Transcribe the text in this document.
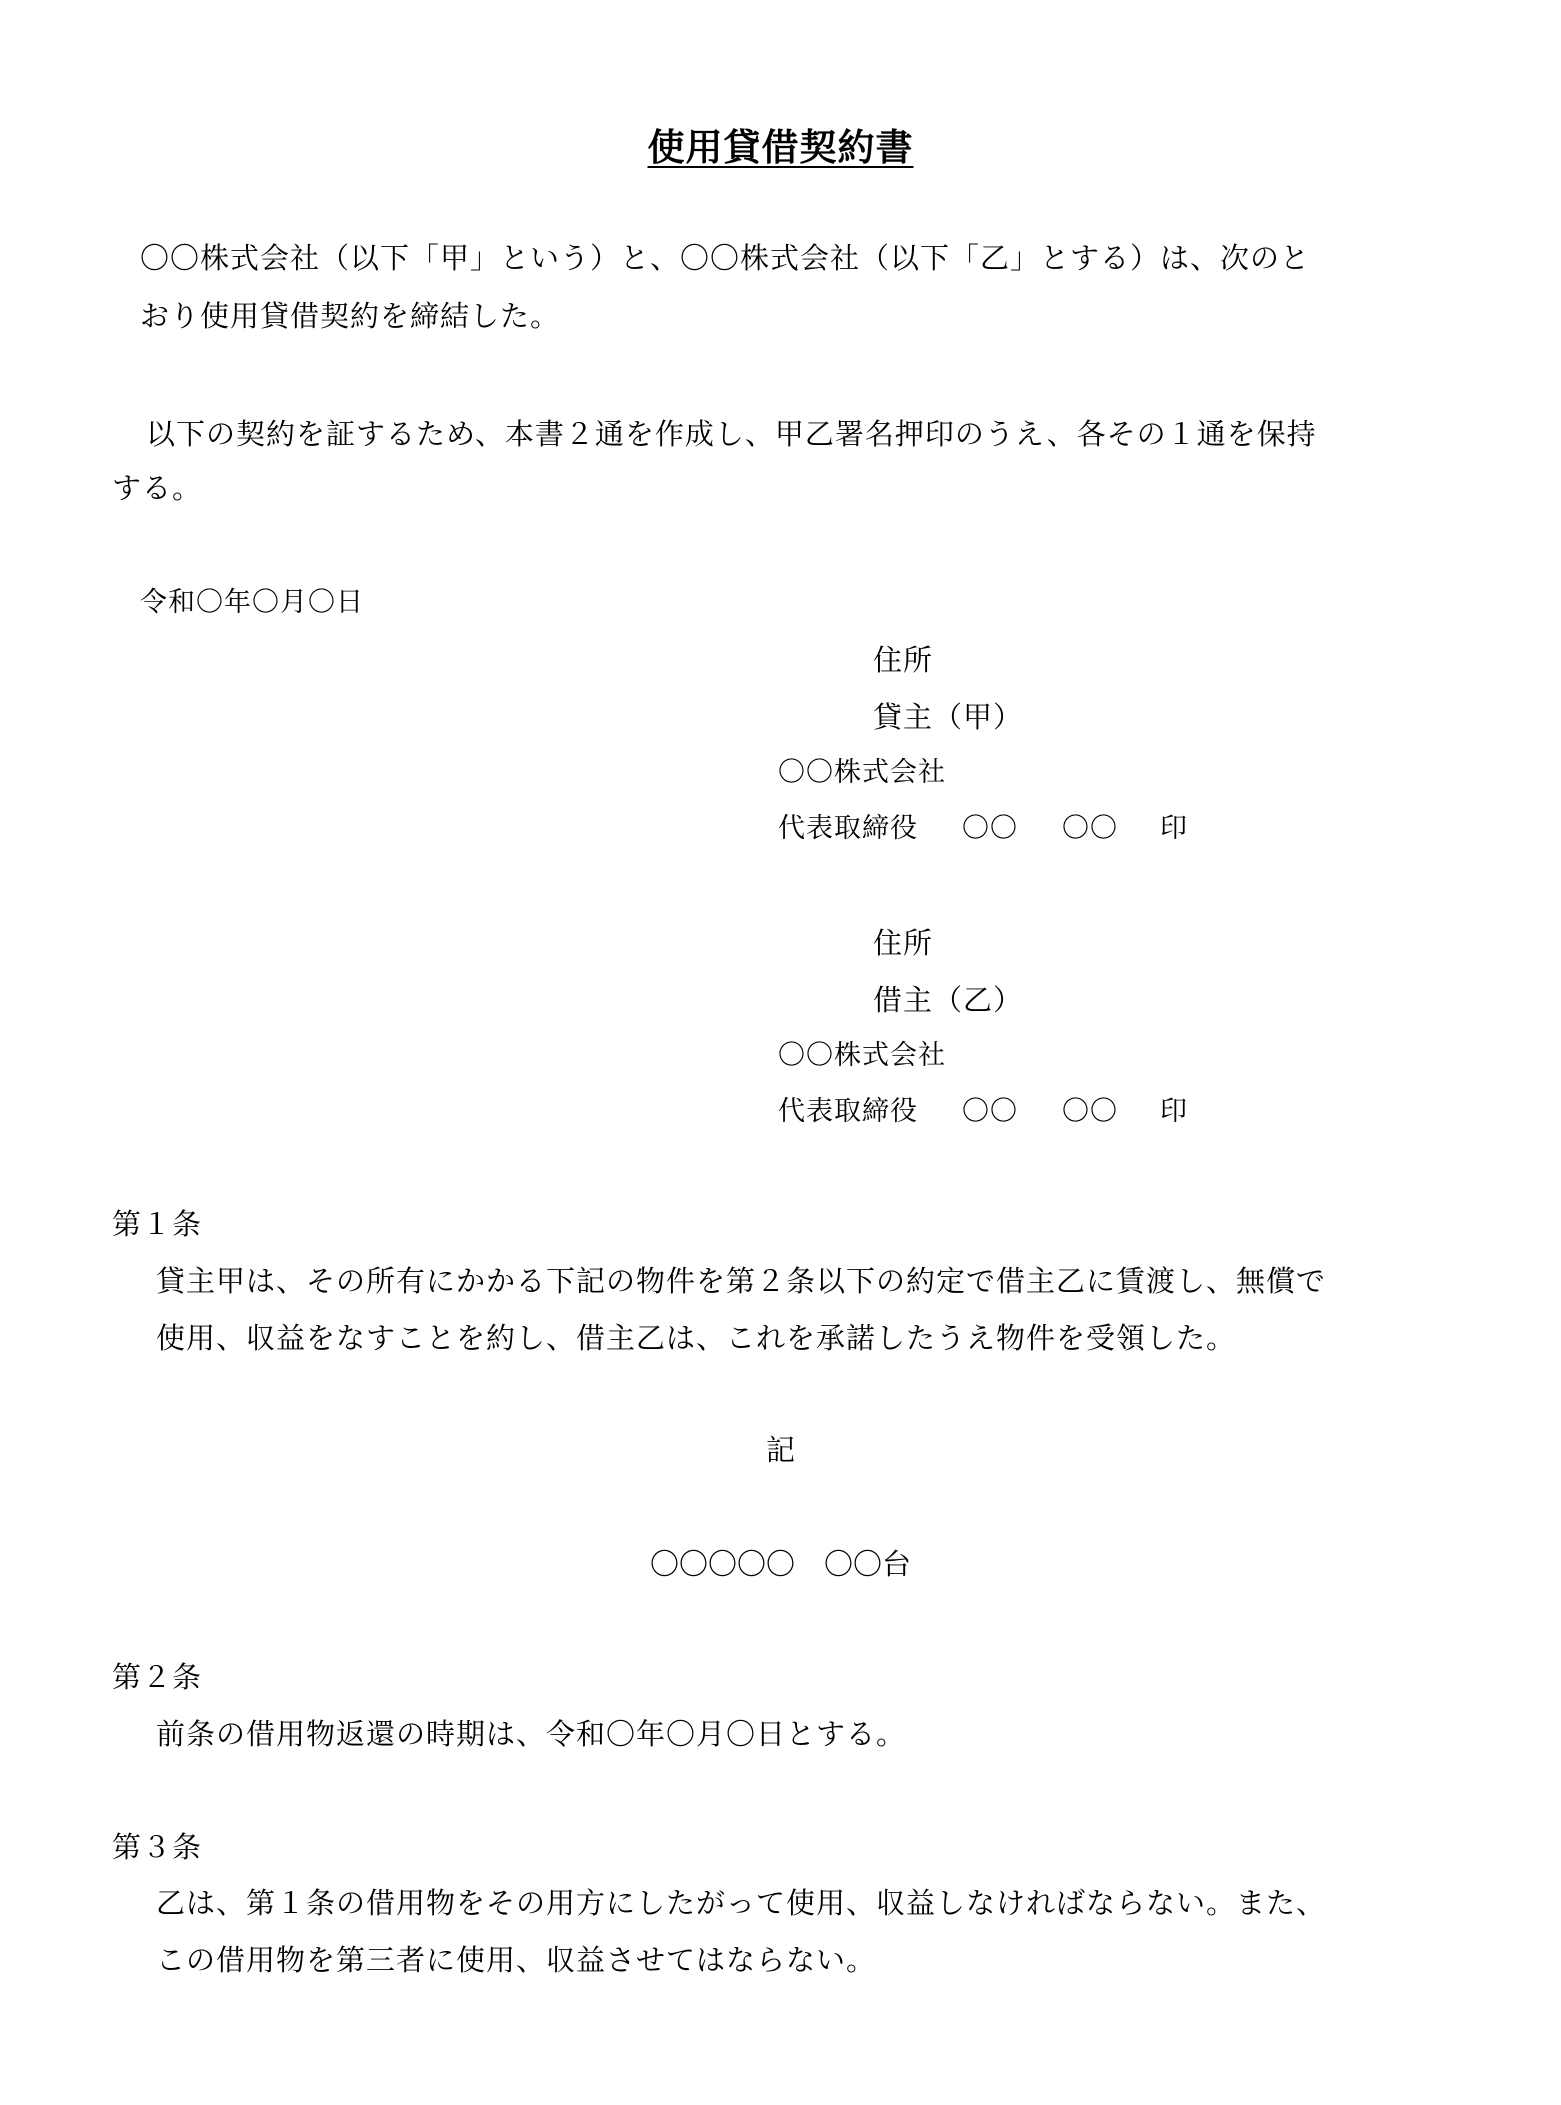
使用貸借契約書
〇〇株式会社（以下「甲」という）と、〇〇株式会社（以下「乙」とする）は、次のと
おり使用貸借契約を締結した。
以下の契約を証するため、本書２通を作成し、甲乙署名押印のうえ、各その１通を保持
する。
令和〇年〇月〇日
住所
貸主（甲）
〇〇株式会社
代表取締役 〇〇 〇〇 印
住所
借主（乙）
〇〇株式会社
代表取締役 〇〇 〇〇 印
第１条
貸主甲は、その所有にかかる下記の物件を第２条以下の約定で借主乙に賃渡し、無償で
使用、収益をなすことを約し、借主乙は、これを承諾したうえ物件を受領した。
記
〇〇〇〇〇　〇〇台
第２条
前条の借用物返還の時期は、令和〇年〇月〇日とする。
第３条
乙は、第１条の借用物をその用方にしたがって使用、収益しなければならない。また、
この借用物を第三者に使用、収益させてはならない。
